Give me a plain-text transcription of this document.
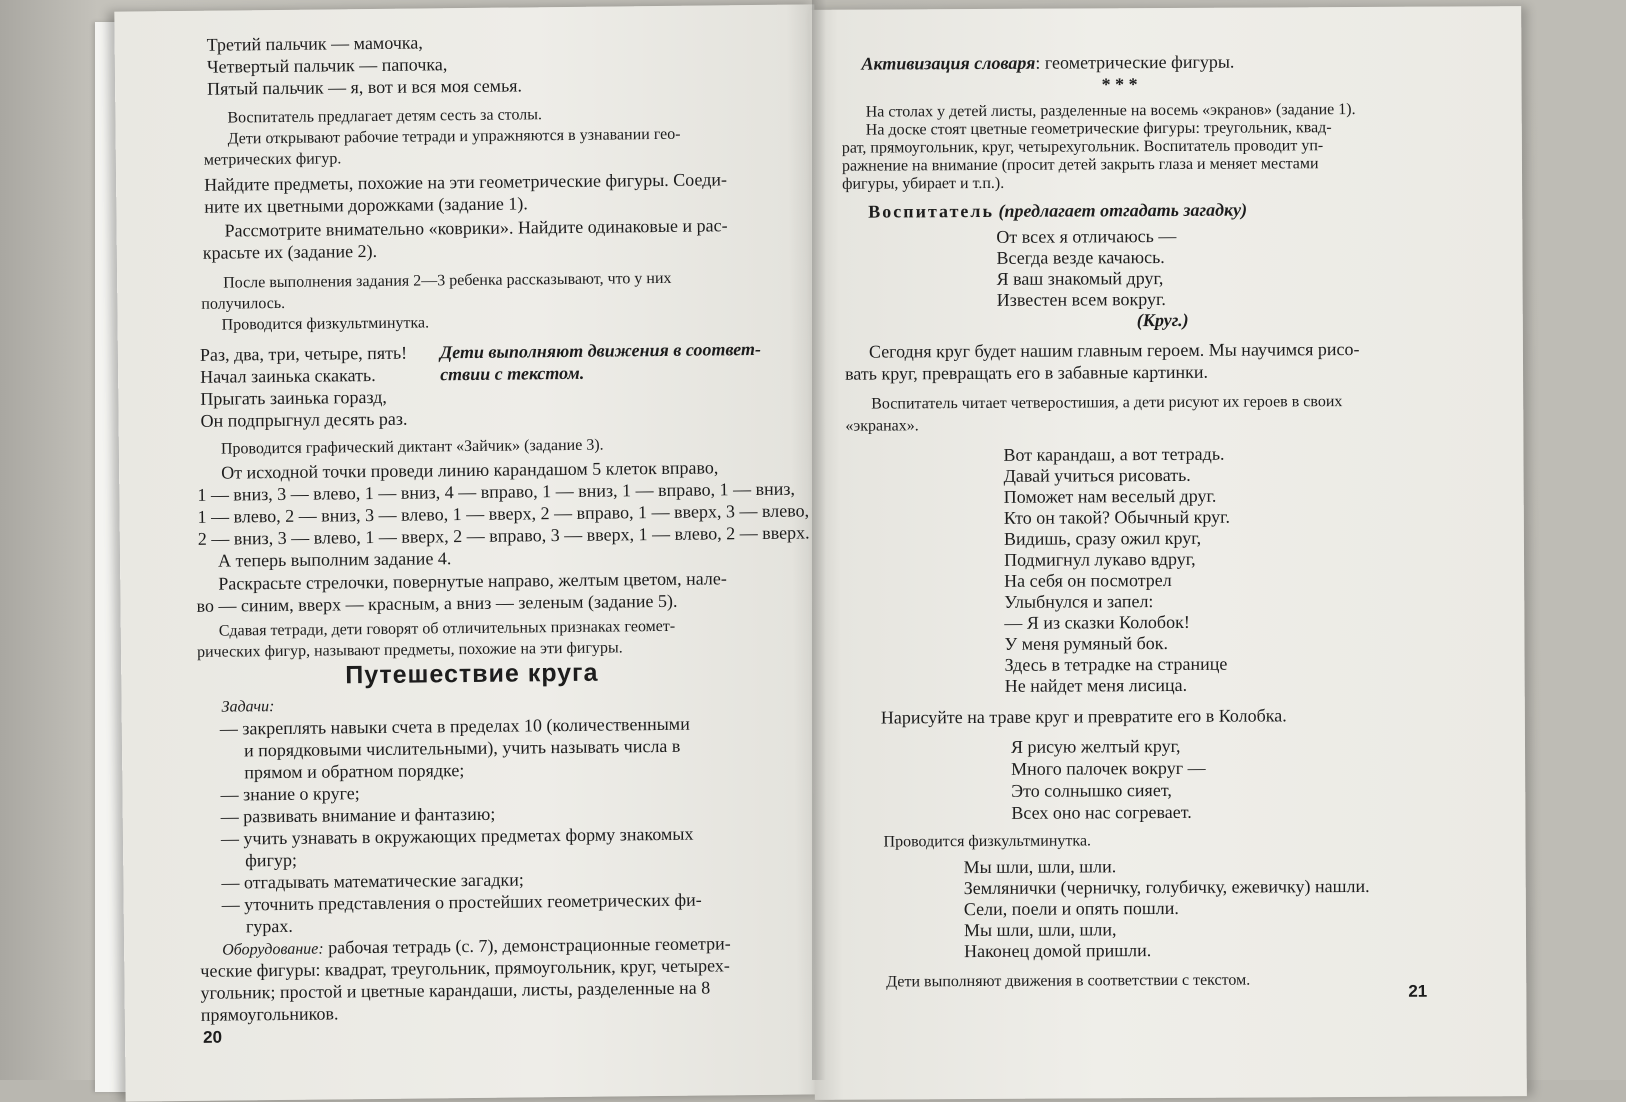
Третий пальчик — мамочка,
Четвертый пальчик — папочка,
Пятый пальчик — я, вот и вся моя семья.
Воспитатель предлагает детям сесть за столы.
Дети открывают рабочие тетради и упражняются в узнавании гео-
метрических фигур.
Найдите предметы, похожие на эти геометрические фигуры. Соеди-
ните их цветными дорожками (задание 1).
Рассмотрите внимательно «коврики». Найдите одинаковые и рас-
красьте их (задание 2).
После выполнения задания 2—3 ребенка рассказывают, что у них
получилось.
Проводится физкультминутка.
Раз, два, три, четыре, пять!
Начал заинька скакать.
Прыгать заинька горазд,
Он подпрыгнул десять раз.
Дети выполняют движения в соответ-
ствии с текстом.
Проводится графический диктант «Зайчик» (задание 3).
От исходной точки проведи линию карандашом 5 клеток вправо,
1 — вниз, 3 — влево, 1 — вниз, 4 — вправо, 1 — вниз, 1 — вправо, 1 — вниз,
1 — влево, 2 — вниз, 3 — влево, 1 — вверх, 2 — вправо, 1 — вверх, 3 — влево,
2 — вниз, 3 — влево, 1 — вверх, 2 — вправо, 3 — вверх, 1 — влево, 2 — вверх.
А теперь выполним задание 4.
Раскрасьте стрелочки, повернутые направо, желтым цветом, нале-
во — синим, вверх — красным, а вниз — зеленым (задание 5).
Сдавая тетради, дети говорят об отличительных признаках геомет-
рических фигур, называют предметы, похожие на эти фигуры.
Путешествие круга
Задачи:
— закреплять навыки счета в пределах 10 (количественными
и порядковыми числительными), учить называть числа в
прямом и обратном порядке;
— знание о круге;
— развивать внимание и фантазию;
— учить узнавать в окружающих предметах форму знакомых
фигур;
— отгадывать математические загадки;
— уточнить представления о простейших геометрических фи-
гурах.
Оборудование: рабочая тетрадь (с. 7), демонстрационные геометри-
ческие фигуры: квадрат, треугольник, прямоугольник, круг, четырех-
угольник; простой и цветные карандаши, листы, разделенные на 8
прямоугольников.
20
Активизация словаря: геометрические фигуры.
* * *
На столах у детей листы, разделенные на восемь «экранов» (задание 1).
На доске стоят цветные геометрические фигуры: треугольник, квад-
рат, прямоугольник, круг, четырехугольник. Воспитатель проводит уп-
ражнение на внимание (просит детей закрыть глаза и меняет местами
фигуры, убирает и т.п.).
Воспитатель (предлагает отгадать загадку)
От всех я отличаюсь —
Всегда везде качаюсь.
Я ваш знакомый друг,
Известен всем вокруг.
(Круг.)
Сегодня круг будет нашим главным героем. Мы научимся рисо-
вать круг, превращать его в забавные картинки.
Воспитатель читает четверостишия, а дети рисуют их героев в своих
«экранах».
Вот карандаш, а вот тетрадь.
Давай учиться рисовать.
Поможет нам веселый друг.
Кто он такой? Обычный круг.
Видишь, сразу ожил круг,
Подмигнул лукаво вдруг,
На себя он посмотрел
Улыбнулся и запел:
— Я из сказки Колобок!
У меня румяный бок.
Здесь в тетрадке на странице
Не найдет меня лисица.
Нарисуйте на траве круг и превратите его в Колобка.
Я рисую желтый круг,
Много палочек вокруг —
Это солнышко сияет,
Всех оно нас согревает.
Проводится физкультминутка.
Мы шли, шли, шли.
Землянички (черничку, голубичку, ежевичку) нашли.
Сели, поели и опять пошли.
Мы шли, шли, шли,
Наконец домой пришли.
Дети выполняют движения в соответствии с текстом.
21
